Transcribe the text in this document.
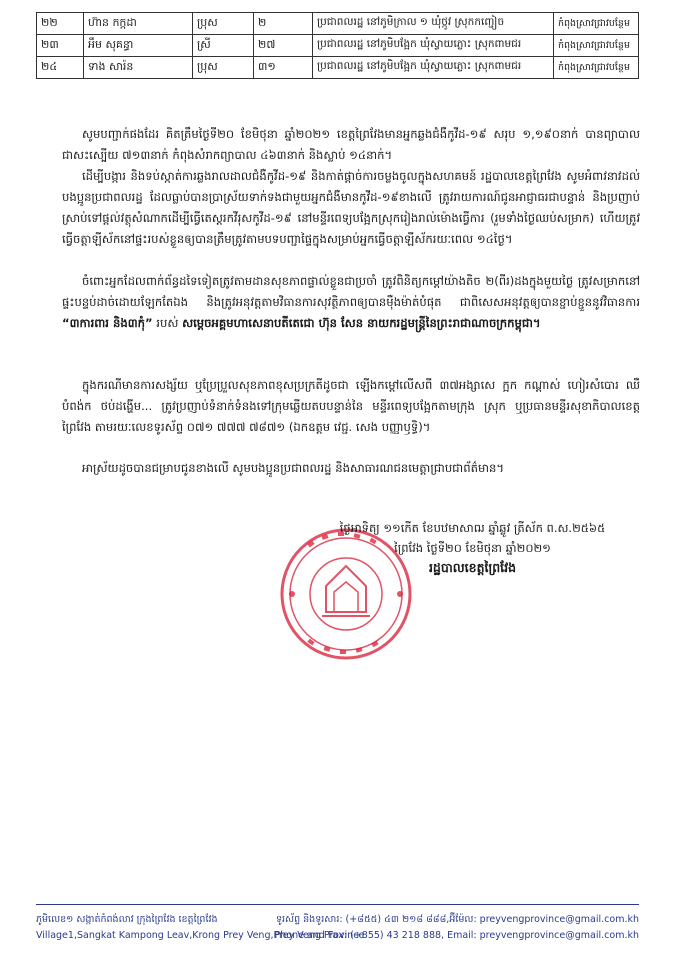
២២	ហ៊ាន កក្កដា	ប្រុស	២	ប្រជាពលរដ្ឋ នៅភូមិក្រាល ១ ឃុំថ្កូវ ស្រុកកញ្ជៀច	កំពុងស្រាវជ្រាវបន្ថែម
២៣	អឹម សុគន្ធា	ស្រី	២៧	ប្រជាពលរដ្ឋ នៅភូមិបង្អែក ឃុំស្វាយភ្លោះ ស្រុកពាមជរ	កំពុងស្រាវជ្រាវបន្ថែម
២៤	ទាង សារ៉ន	ប្រុស	៣១	ប្រជាពលរដ្ឋ នៅភូមិបង្អែក ឃុំស្វាយភ្លោះ ស្រុកពាមជរ	កំពុងស្រាវជ្រាវបន្ថែម

សូមបញ្ជាក់ផងដែរ គិតត្រឹមថ្ងៃទី២០ ខែមិថុនា ឆ្នាំ២០២១ ខេត្តព្រៃវែងមានអ្នកឆ្លងជំងឺកូវីដ-១៩ សរុប ១,១៩០នាក់ បានព្យាបាល ជាសះស្បើយ ៧១៣នាក់ កំពុងសំរាកព្យាបាល ៤៦៣នាក់ និងស្លាប់ ១៤នាក់។

ដើម្បីបង្ការ និងទប់ស្កាត់ការឆ្លងរាលដាលជំងឺកូវីដ-១៩ និងកាត់ផ្តាច់ការចម្លងចូលក្នុងសហគមន៍ រដ្ឋបាលខេត្តព្រៃវែង សូមអំពាវនាវដល់ បងប្អូនប្រជាពលរដ្ឋ ដែលធ្លាប់បានប្រាស្រ័យទាក់ទងជាមួយអ្នកជំងឺមានកូវីដ-១៩ខាងលើ ត្រូវរាយការណ៍ជូនអាជ្ញាធរជាបន្ទាន់ និងប្រញាប់ស្រាប់ទៅផ្តល់វត្ថុសំណាកដើម្បីធ្វើតេស្តរកវីរុសកូវីដ-១៩ នៅមន្ទីរពេទ្យបង្អែកស្រុករៀងរាល់ម៉ោងធ្វើការ (រួមទាំងថ្ងៃឈប់សម្រាក) ហើយត្រូវធ្វើចត្តាឡីស័កនៅផ្ទះរបស់ខ្លួនឲ្យបានត្រឹមត្រូវតាមបទបញ្ជាផ្ទៃក្នុងសម្រាប់អ្នកធ្វើចត្តាឡីស័ករយៈពេល ១៤ថ្ងៃ។

ចំពោះអ្នកដែលពាក់ព័ន្ធដទៃទៀតត្រូវតាមដានសុខភាពផ្ទាល់ខ្លួនជាប្រចាំ ត្រូវពិនិត្យកម្ដៅយ៉ាងតិច ២(ពីរ)ដងក្នុងមួយថ្ងៃ ត្រូវសម្រាកនៅផ្ទះបន្ទប់ដាច់ដោយឡែកតែឯង និងត្រូវអនុវត្តតាមវិធានការសុវត្ថិភាពឲ្យបានម៉ឺងម៉ាត់បំផុត ជាពិសេសអនុវត្តឲ្យបានខ្ជាប់ខ្ជួននូវវិធានការ “៣ការពារ និង៣កុំ” របស់ សម្តេចអគ្គមហាសេនាបតីតេជោ ហ៊ុន សែន នាយករដ្ឋមន្ត្រីនៃព្រះរាជាណាចក្រកម្ពុជា។

ក្នុងករណីមានការសង្ស័យ ឬប្រែប្រួលសុខភាពខុសប្រក្រតីដូចជា ឡើងកម្ដៅលើសពី ៣៧អង្សាសេ ក្អក កណ្តាស់ ហៀរសំបោរ ឈឺបំពង់ក ថប់ដង្ហើម... ត្រូវប្រញាប់ទំនាក់ទំនងទៅក្រុមឆ្លើយតបបន្ទាន់នៃ មន្ទីរពេទ្យបង្អែកតាមក្រុង ស្រុក ឬប្រធានមន្ទីរសុខាភិបាលខេត្តព្រៃវែង តាមរយៈលេខទូរស័ព្ទ ០៧១ ៧៧៧ ៧៨៧១ (ឯកឧត្តម វេជ្ជ. សេង បញ្ញាឫទ្ធិ)។

អាស្រ័យដូចបានជម្រាបជូនខាងលើ សូមបងប្អូនប្រជាពលរដ្ឋ និងសាធារណជនមេត្តាជ្រាបជាព័ត៌មាន។

ថ្ងៃអាទិត្យ ១១កើត ខែបឋមាសាឍ ឆ្នាំឆ្លូវ ត្រីស័ក ព.ស.២៥៦៥
ព្រៃវែង ថ្ងៃទី២០ ខែមិថុនា ឆ្នាំ២០២១
រដ្ឋបាលខេត្តព្រៃវែង
ភូមិលេខ១ សង្កាត់កំពង់លាវ ក្រុងព្រៃវែង ខេត្តព្រៃវែង
Village1,Sangkat Kampong Leav,Krong Prey Veng,Prey Veng Province
ទូរស័ព្ទ និងទូរសារ: (+៨៥៥) ៤៣ ២១៨ ៨៨៨,អ៊ីម៉ែល: preyvengprovince@gmail.com.kh
Phone and Fax: (+855) 43 218 888, Email: preyvengprovince@gmail.com.kh
